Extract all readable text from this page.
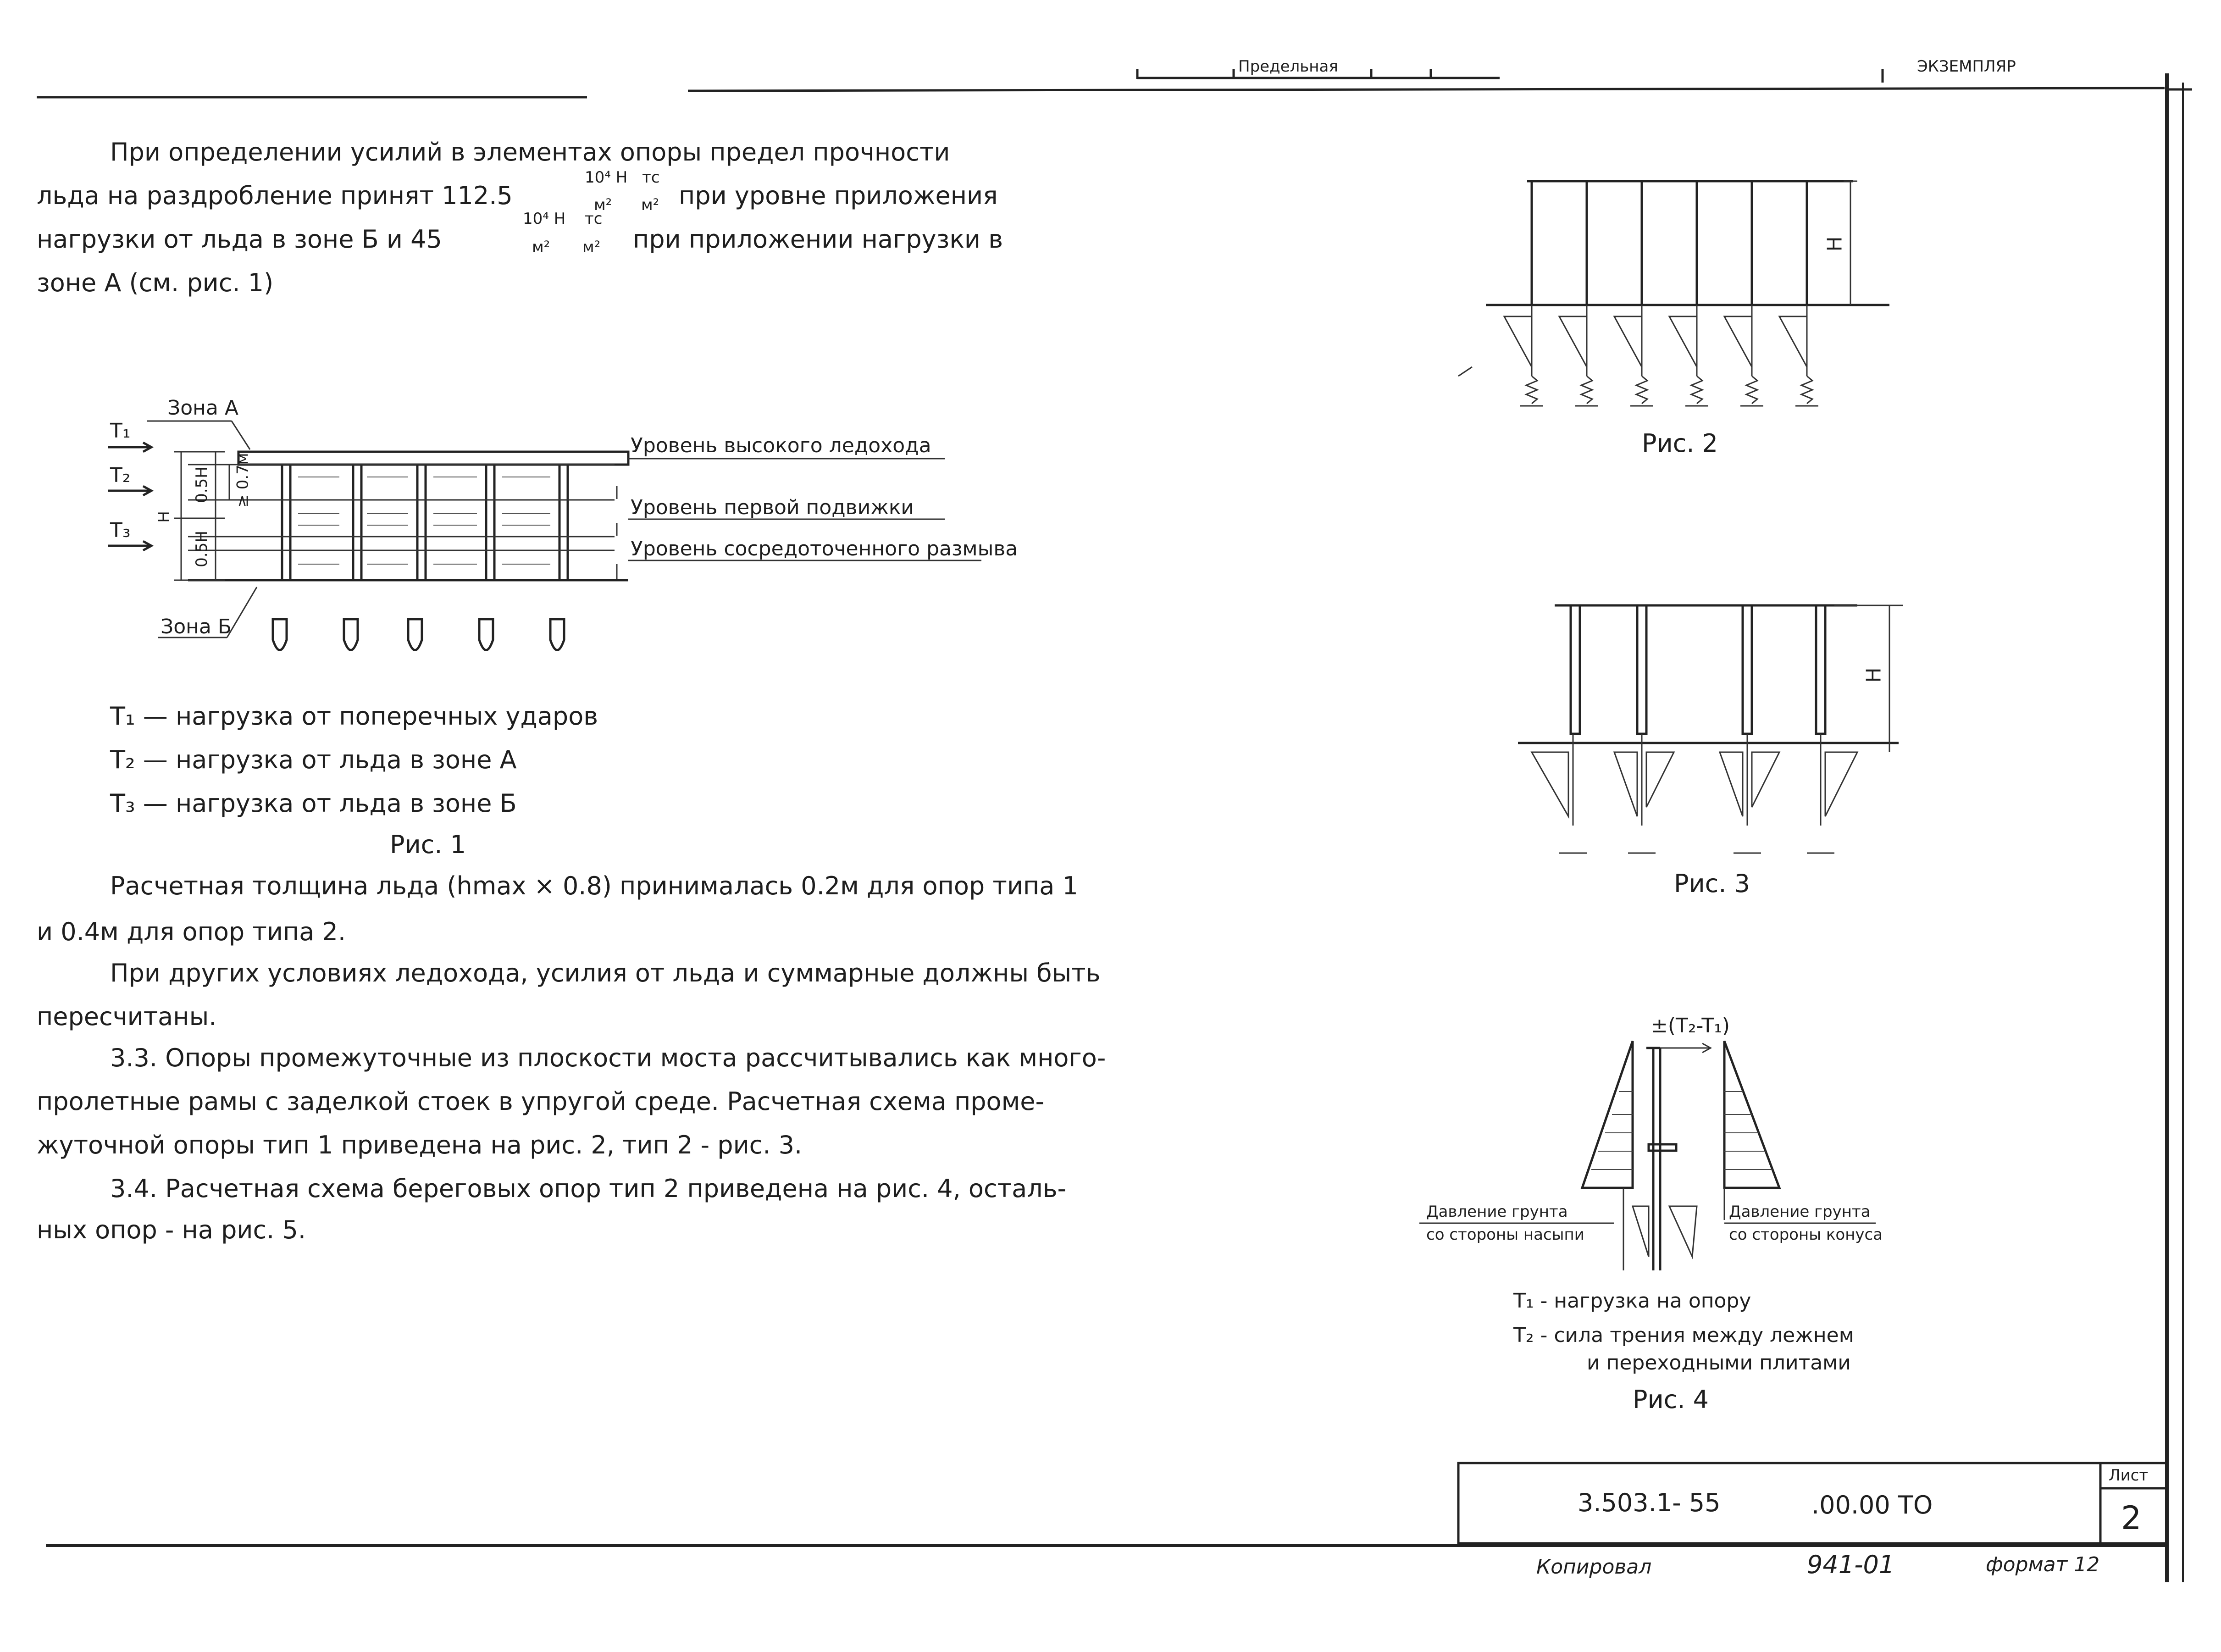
Предельная	ЭКЗЕМПЛЯР
При определении усилий в элементах опоры предел прочности
льда на раздробление принят 112.5
10⁴ Н
м²
тс
м² при уровне приложения
нагрузки от льда в зоне Б и 45
10⁴ Н
м²
тс
м² при приложении нагрузки в
зоне А (см. рис. 1)
Зона А
Зона Б
T₁
T₂
T₃
Н
0.5Н
0.5Н
≥ 0.7м
Уровень высокого ледохода
Уровень первой подвижки
Уровень сосредоточенного размыва
T₁ — нагрузка от поперечных ударов
T₂ — нагрузка от льда в зоне А
T₃ — нагрузка от льда в зоне Б
Рис. 1
Расчетная толщина льда (hmax × 0.8) принималась 0.2м для опор типа 1
и 0.4м для опор типа 2.
При других условиях ледохода, усилия от льда и суммарные должны быть
пересчитаны.
3.3. Опоры промежуточные из плоскости моста рассчитывались как много-
пролетные рамы с заделкой стоек в упругой среде. Расчетная схема проме-
жуточной опоры тип 1 приведена на рис. 2, тип 2 - рис. 3.
3.4. Расчетная схема береговых опор тип 2 приведена на рис. 4, осталь-
ных опор - на рис. 5.
Н
Рис. 2
Н
Рис. 3
±(T₂-T₁)
Давление грунта
со стороны насыпи
Давление грунта
со стороны конуса
T₁ - нагрузка на опору
T₂ - сила трения между лежнем
и переходными плитами
Рис. 4
3.503.1- 55	.00.00 ТО
Лист
2
Копировал	941-01	формат 12
